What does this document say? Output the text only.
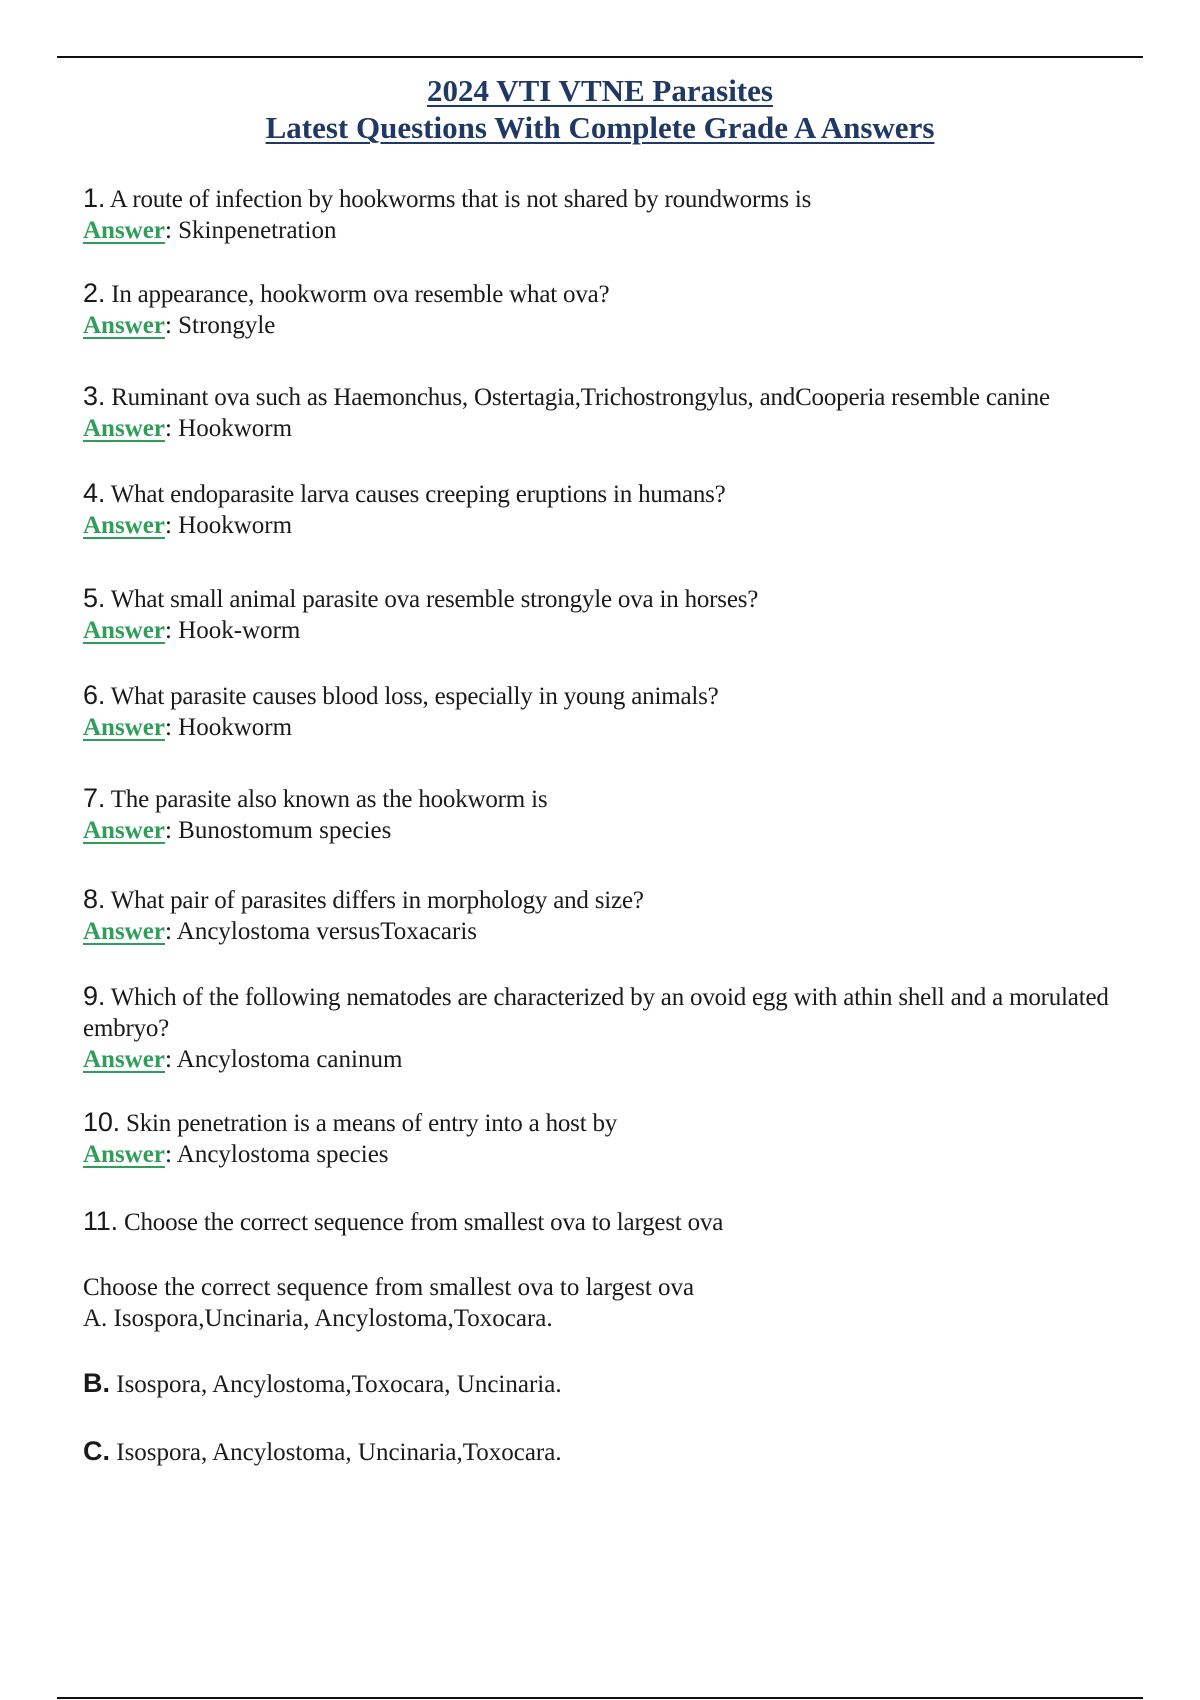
2024 VTI VTNE Parasites
Latest Questions With Complete Grade A Answers
1. A route of infection by hookworms that is not shared by roundworms is
Answer: Skinpenetration
2. In appearance, hookworm ova resemble what ova?
Answer: Strongyle
3. Ruminant ova such as Haemonchus, Ostertagia,Trichostrongylus, andCooperia resemble canine
Answer: Hookworm
4. What endoparasite larva causes creeping eruptions in humans?
Answer: Hookworm
5. What small animal parasite ova resemble strongyle ova in horses?
Answer: Hook-worm
6. What parasite causes blood loss, especially in young animals?
Answer: Hookworm
7. The parasite also known as the hookworm is
Answer: Bunostomum species
8. What pair of parasites differs in morphology and size?
Answer: Ancylostoma versusToxacaris
9. Which of the following nematodes are characterized by an ovoid egg with athin shell and a morulated embryo?
Answer: Ancylostoma caninum
10. Skin penetration is a means of entry into a host by
Answer: Ancylostoma species
11. Choose the correct sequence from smallest ova to largest ova
Choose the correct sequence from smallest ova to largest ova
A. Isospora,Uncinaria, Ancylostoma,Toxocara.
B. Isospora, Ancylostoma,Toxocara, Uncinaria.
C. Isospora, Ancylostoma, Uncinaria,Toxocara.
